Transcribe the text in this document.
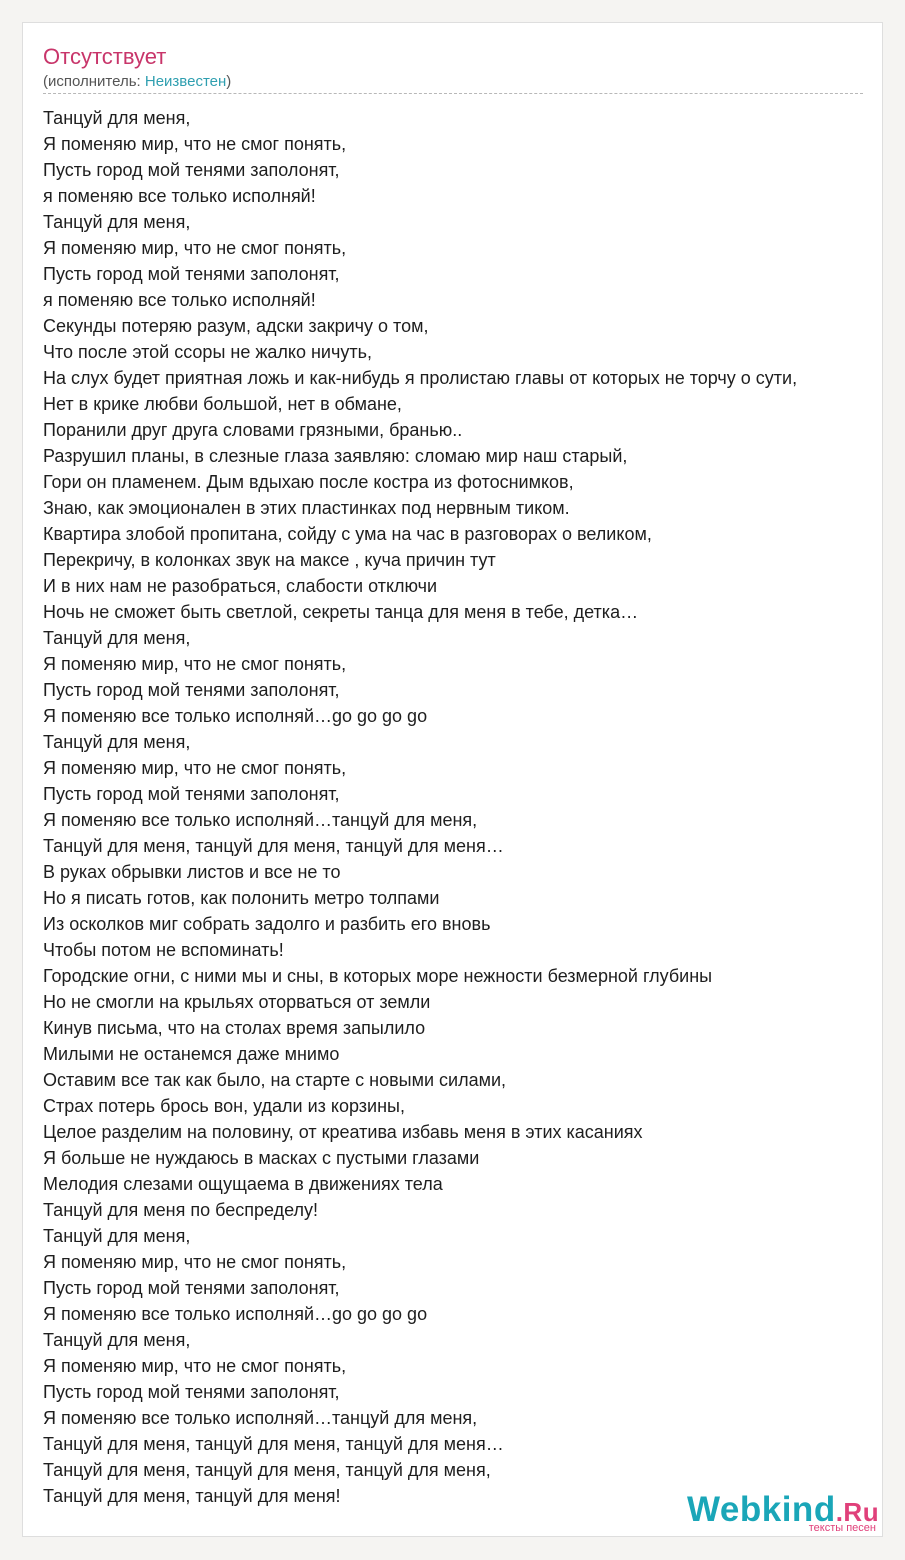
Отсутствует
(исполнитель: Неизвестен)
Танцуй для меня,
Я поменяю мир, что не смог понять,
Пусть город мой тенями заполонят,
я поменяю все только исполняй!
Танцуй для меня,
Я поменяю мир, что не смог понять,
Пусть город мой тенями заполонят,
я поменяю все только исполняй!
Секунды потеряю разум, адски закричу о том,
Что после этой ссоры не жалко ничуть,
На слух будет приятная ложь и как-нибудь я пролистаю главы от которых не торчу о сути,
Нет в крике любви большой, нет в обмане,
Поранили друг друга словами грязными, бранью..
Разрушил планы, в слезные глаза заявляю: сломаю мир наш старый,
Гори он пламенем. Дым вдыхаю после костра из фотоснимков,
Знаю, как эмоционален в этих пластинках под нервным тиком.
Квартира злобой пропитана, сойду с ума на час в разговорах о великом,
Перекричу, в колонках звук на максе , куча причин тут
И в них нам не разобраться, слабости отключи
Ночь не сможет быть светлой, секреты танца для меня в тебе, детка…
Танцуй для меня,
Я поменяю мир, что не смог понять,
Пусть город мой тенями заполонят,
Я поменяю все только исполняй…go go go go
Танцуй для меня,
Я поменяю мир, что не смог понять,
Пусть город мой тенями заполонят,
Я поменяю все только исполняй…танцуй для меня,
Танцуй для меня, танцуй для меня, танцуй для меня…
В руках обрывки листов и все не то
Но я писать готов, как полонить метро толпами
Из осколков миг собрать задолго и разбить его вновь
Чтобы потом не вспоминать!
Городские огни, с ними мы и сны, в которых море нежности безмерной глубины
Но не смогли на крыльях оторваться от земли
Кинув письма, что на столах время запылило
Милыми не останемся даже мнимо
Оставим все так как было, на старте с новыми силами,
Страх потерь брось вон, удали из корзины,
Целое разделим на половину, от креатива избавь меня в этих касаниях
Я больше не нуждаюсь в масках с пустыми глазами
Мелодия слезами ощущаема в движениях тела
Танцуй для меня по беспределу!
Танцуй для меня,
Я поменяю мир, что не смог понять,
Пусть город мой тенями заполонят,
Я поменяю все только исполняй…go go go go
Танцуй для меня,
Я поменяю мир, что не смог понять,
Пусть город мой тенями заполонят,
Я поменяю все только исполняй…танцуй для меня,
Танцуй для меня, танцуй для меня, танцуй для меня…
Танцуй для меня, танцуй для меня, танцуй для меня,
Танцуй для меня, танцуй для меня!	Webkind.Ru
тексты песен
